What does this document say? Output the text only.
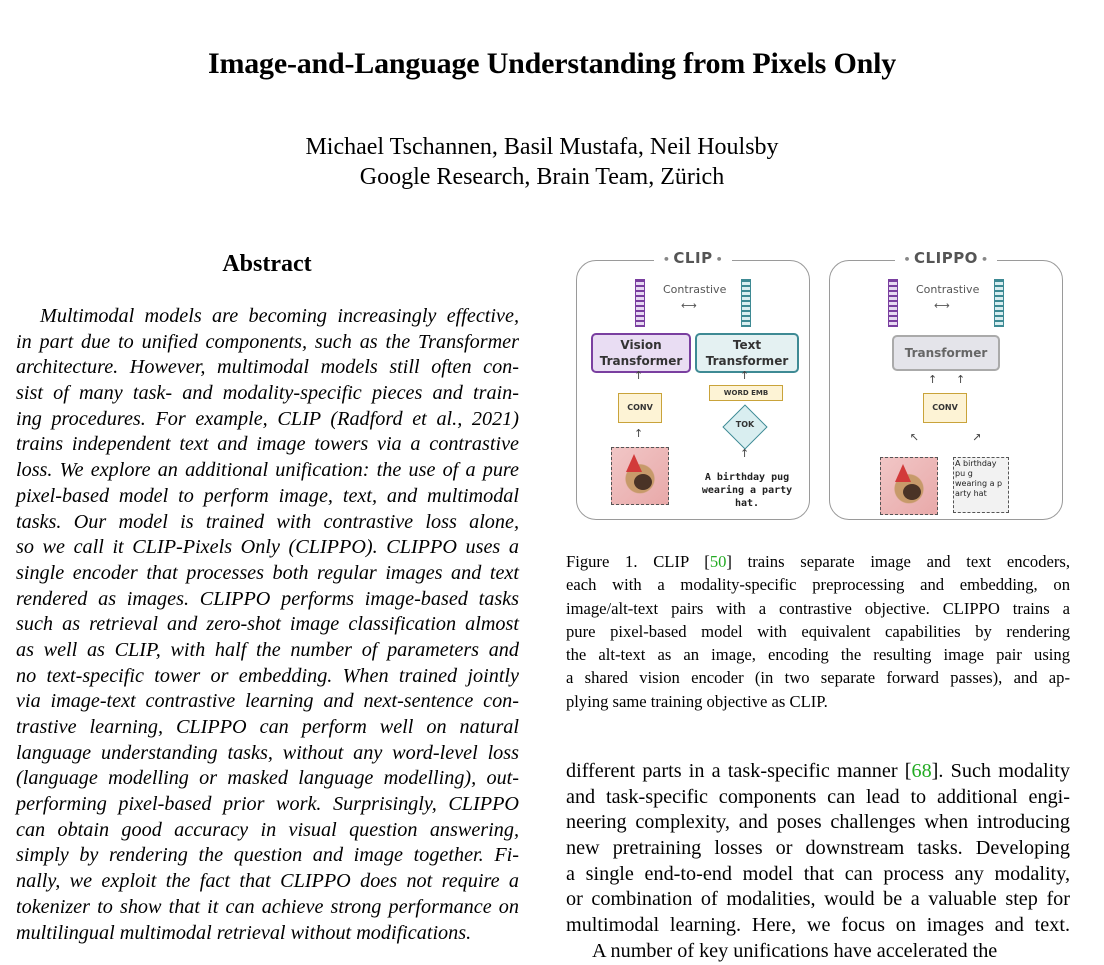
Image-and-Language Understanding from Pixels Only
Michael Tschannen, Basil Mustafa, Neil Houlsby
Google Research, Brain Team, Zürich
Abstract
Multimodal models are becoming increasingly effective,
in part due to unified components, such as the Transformer
architecture. However, multimodal models still often con-
sist of many task- and modality-specific pieces and train-
ing procedures. For example, CLIP (Radford et al., 2021)
trains independent text and image towers via a contrastive
loss. We explore an additional unification: the use of a pure
pixel-based model to perform image, text, and multimodal
tasks. Our model is trained with contrastive loss alone,
so we call it CLIP-Pixels Only (CLIPPO). CLIPPO uses a
single encoder that processes both regular images and text
rendered as images. CLIPPO performs image-based tasks
such as retrieval and zero-shot image classification almost
as well as CLIP, with half the number of parameters and
no text-specific tower or embedding. When trained jointly
via image-text contrastive learning and next-sentence con-
trastive learning, CLIPPO can perform well on natural
language understanding tasks, without any word-level loss
(language modelling or masked language modelling), out-
performing pixel-based prior work. Surprisingly, CLIPPO
can obtain good accuracy in visual question answering,
simply by rendering the question and image together. Fi-
nally, we exploit the fact that CLIPPO does not require a
tokenizer to show that it can achieve strong performance on
multilingual multimodal retrieval without modifications.
• CLIP •
Contrastive
⟷
Vision Transformer
Text Transformer
↑
CONV
↑
↑
WORD EMB
TOK
↑
A birthday pug wearing a party hat.
• CLIPPO •
Contrastive
⟷
Transformer
↑ ↑
CONV
↑	↑
A birthday pu g wearing a p arty hat
Figure 1. CLIP [50] trains separate image and text encoders,
each with a modality-specific preprocessing and embedding, on
image/alt-text pairs with a contrastive objective. CLIPPO trains a
pure pixel-based model with equivalent capabilities by rendering
the alt-text as an image, encoding the resulting image pair using
a shared vision encoder (in two separate forward passes), and ap-
plying same training objective as CLIP.
different parts in a task-specific manner [68]. Such modality
and task-specific components can lead to additional engi-
neering complexity, and poses challenges when introducing
new pretraining losses or downstream tasks. Developing
a single end-to-end model that can process any modality,
or combination of modalities, would be a valuable step for
multimodal learning. Here, we focus on images and text.
A number of key unifications have accelerated the
